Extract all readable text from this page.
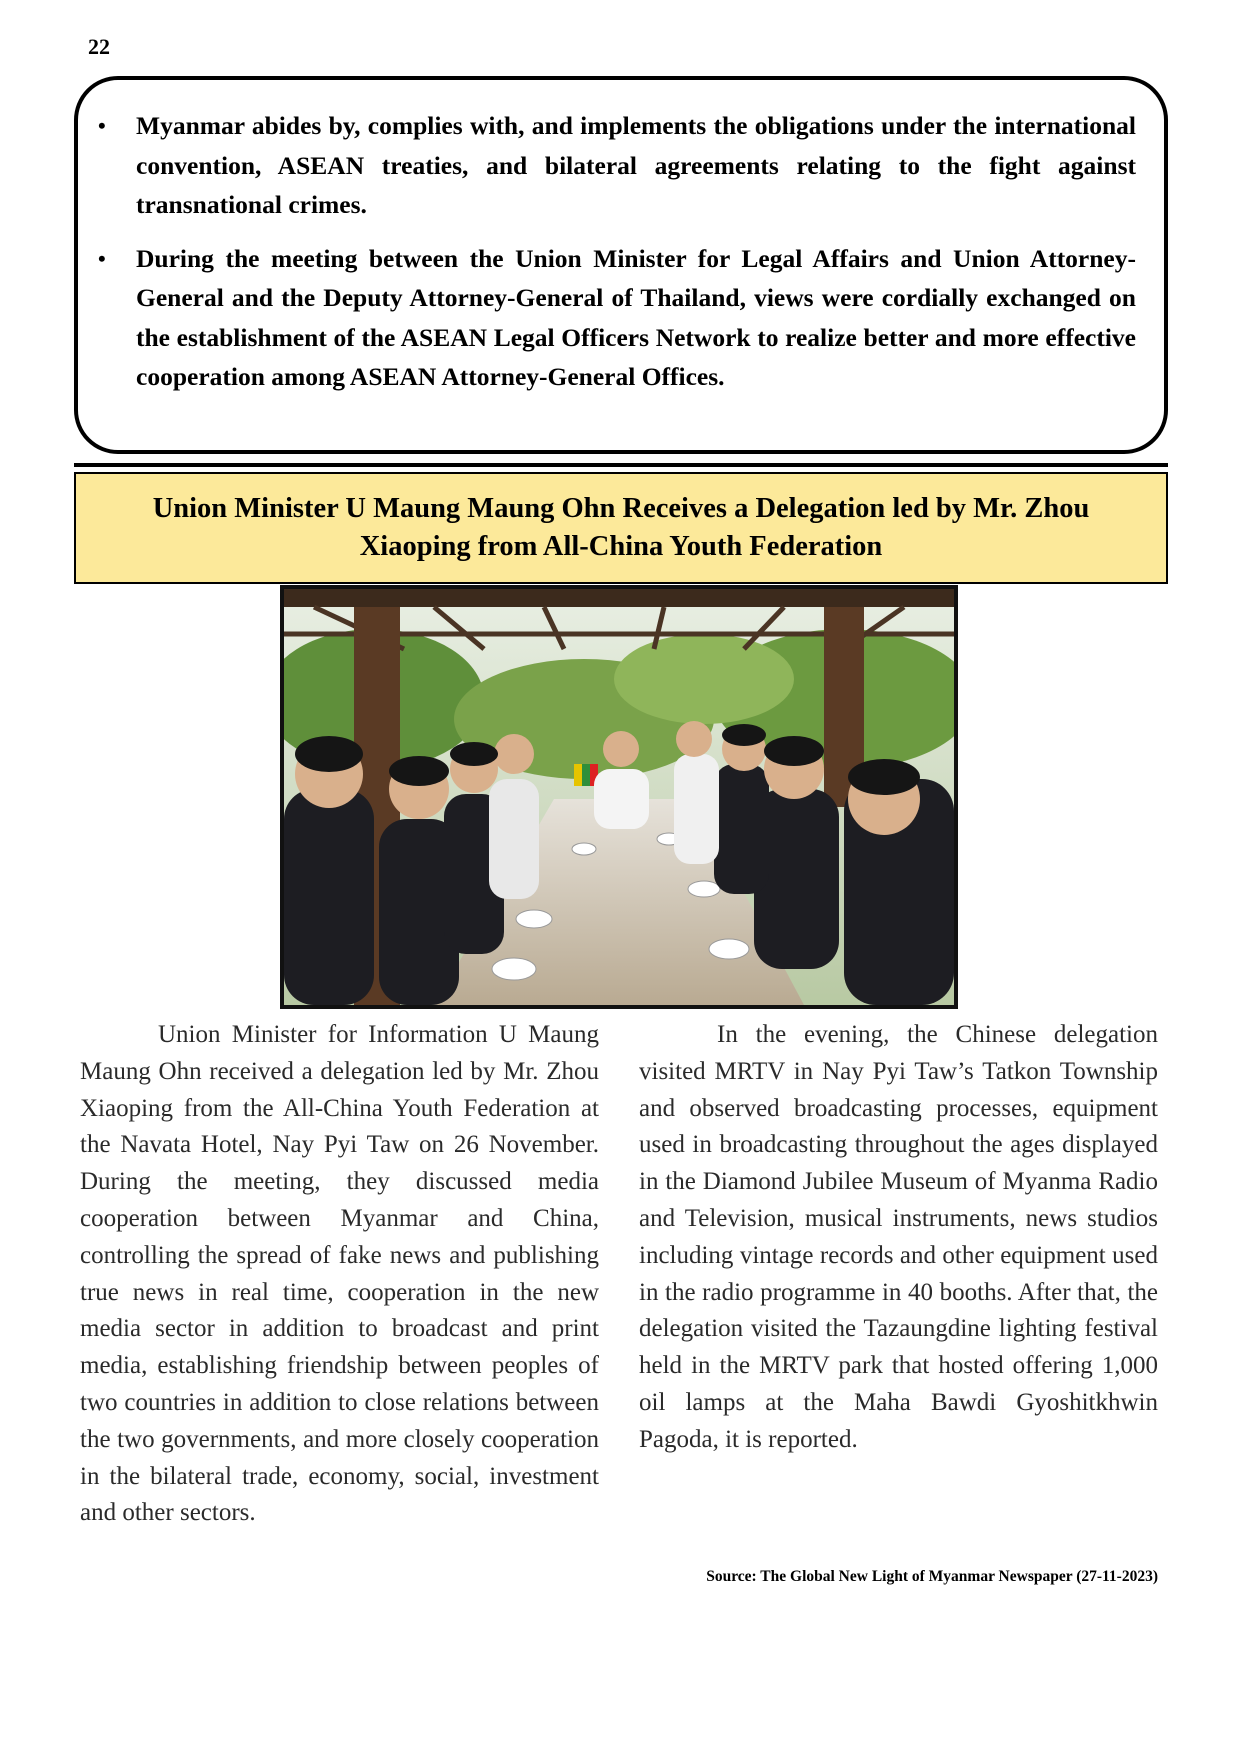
22
• Myanmar abides by, complies with, and implements the obligations under the international convention, ASEAN treaties, and bilateral agreements relating to the fight against transnational crimes.
• During the meeting between the Union Minister for Legal Affairs and Union Attorney-General and the Deputy Attorney-General of Thailand, views were cordially exchanged on the establishment of the ASEAN Legal Officers Network to realize better and more effective cooperation among ASEAN Attorney-General Offices.
Union Minister U Maung Maung Ohn Receives a Delegation led by Mr. Zhou Xiaoping from All-China Youth Federation

Union Minister for Information U Maung Maung Ohn received a delegation led by Mr. Zhou Xiaoping from the All-China Youth Federation at the Navata Hotel, Nay Pyi Taw on 26 November. During the meeting, they discussed media cooperation between Myanmar and China, controlling the spread of fake news and publishing true news in real time, cooperation in the new media sector in addition to broadcast and print media, establishing friendship between peoples of two countries in addition to close relations between the two governments, and more closely cooperation in the bilateral trade, economy, social, investment and other sectors.

In the evening, the Chinese delegation visited MRTV in Nay Pyi Taw’s Tatkon Township and observed broadcasting processes, equipment used in broadcasting throughout the ages displayed in the Diamond Jubilee Museum of Myanma Radio and Television, musical instruments, news studios including vintage records and other equipment used in the radio programme in 40 booths. After that, the delegation visited the Tazaungdine lighting festival held in the MRTV park that hosted offering 1,000 oil lamps at the Maha Bawdi Gyoshitkhwin Pagoda, it is reported.

Source: The Global New Light of Myanmar Newspaper (27-11-2023)
